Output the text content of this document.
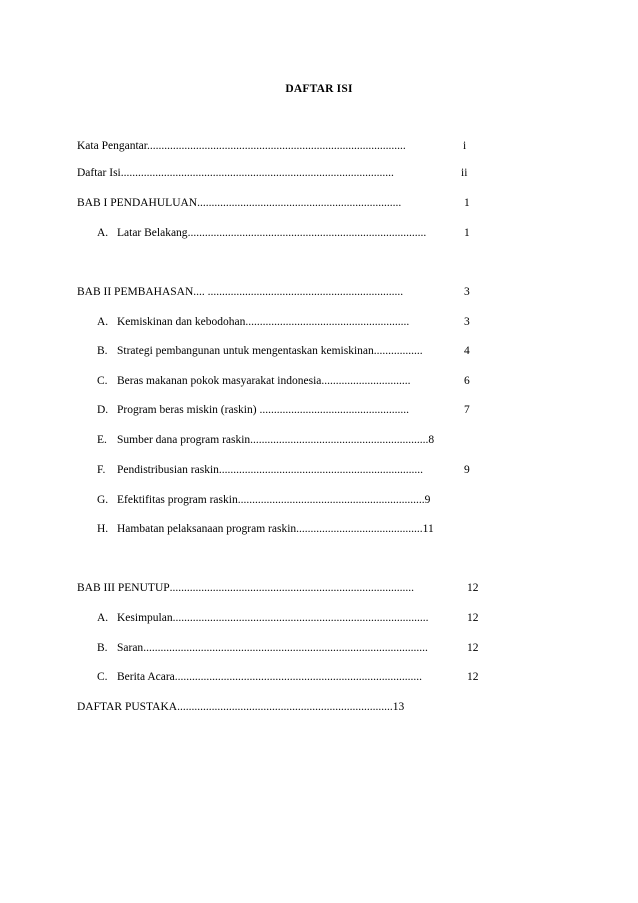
DAFTAR ISI
Kata Pengantar..........................................................................................	i
Daftar Isi...............................................................................................	ii
BAB I PENDAHULUAN.......................................................................	1
A. Latar Belakang...................................................................................	1
BAB II PEMBAHASAN.... ....................................................................	3
A. Kemiskinan dan kebodohan.........................................................	3
B. Strategi pembangunan untuk mengentaskan kemiskinan.................	4
C. Beras makanan pokok masyarakat indonesia...............................	6
D. Program beras miskin (raskin) ....................................................	7
E. Sumber dana program raskin..............................................................8
F. Pendistribusian raskin.......................................................................	9
G. Efektifitas program raskin.................................................................9
H. Hambatan pelaksanaan program raskin............................................11
BAB III PENUTUP.....................................................................................	12
A. Kesimpulan.........................................................................................	12
B. Saran...................................................................................................	12
C. Berita Acara......................................................................................	12
DAFTAR PUSTAKA...........................................................................13
